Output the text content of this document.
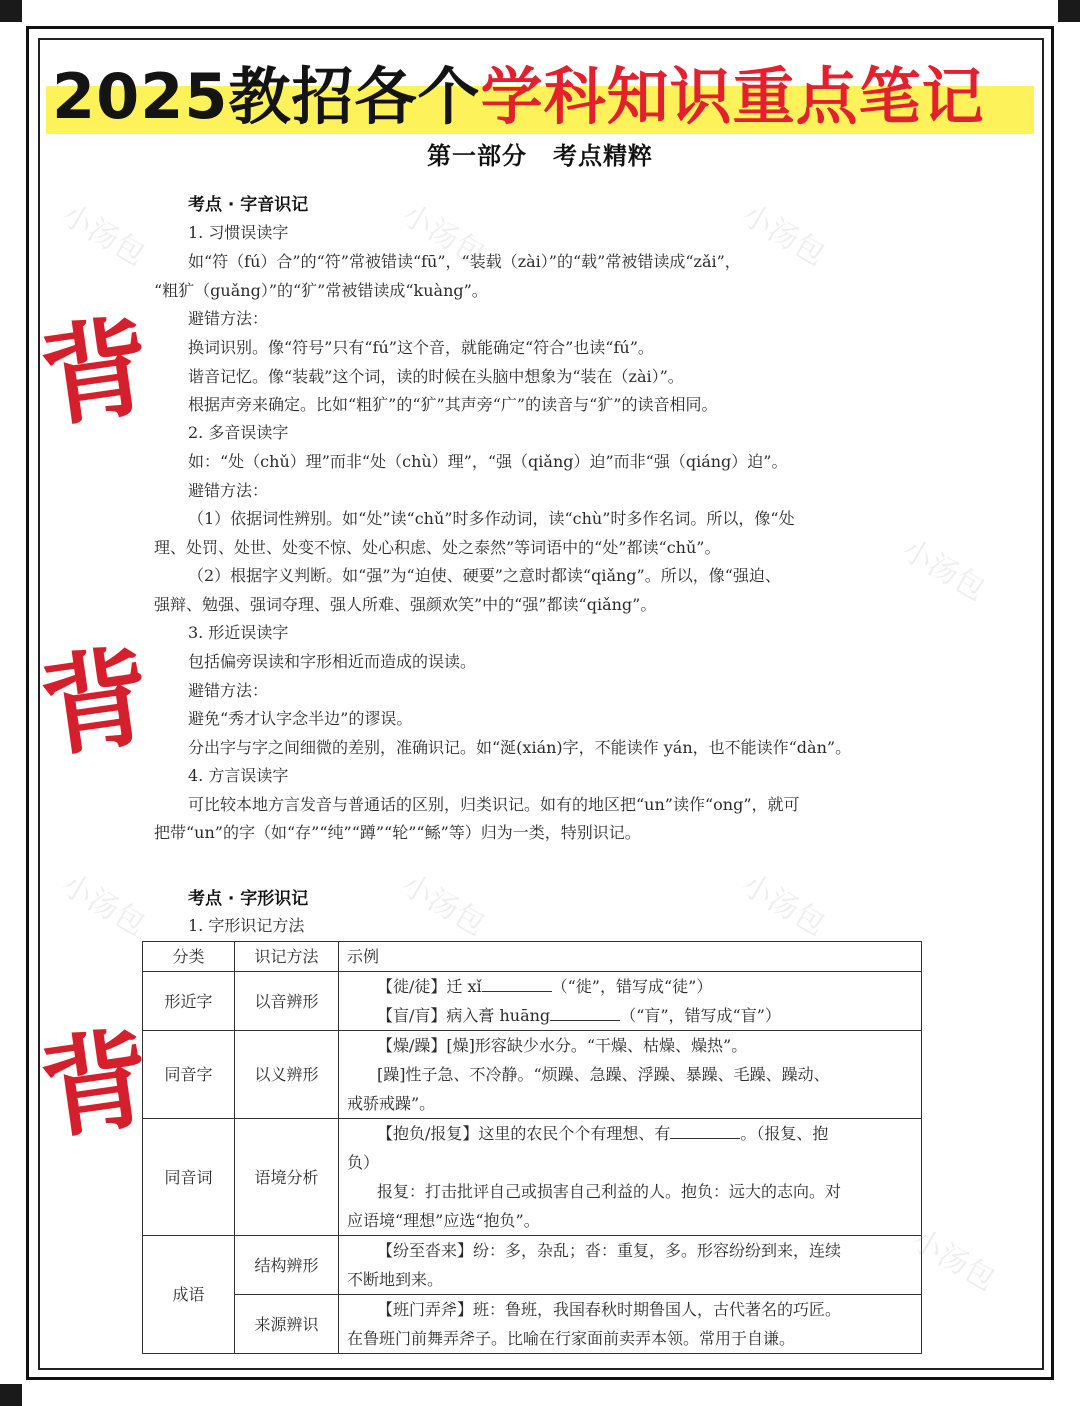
2025教招各个学科知识重点笔记
第一部分 考点精粹
小汤包	小汤包	小汤包
小汤包
小汤包	小汤包	小汤包
小汤包
考点 · 字音识记
1. 习惯误读字
如“符（fú）合”的“符”常被错读“fū”，“装载（zài）”的“载”常被错读成“zǎi”，
“粗犷（guǎng）”的“犷”常被错读成“kuàng”。
避错方法：
换词识别。像“符号”只有“fú”这个音，就能确定“符合”也读“fú”。
谐音记忆。像“装载”这个词，读的时候在头脑中想象为“装在（zài）”。
根据声旁来确定。比如“粗犷”的“犷”其声旁“广”的读音与“犷”的读音相同。
2. 多音误读字
如：“处（chǔ）理”而非“处（chù）理”，“强（qiǎng）迫”而非“强（qiáng）迫”。
避错方法：
（1）依据词性辨别。如“处”读“chǔ”时多作动词，读“chù”时多作名词。所以，像“处
理、处罚、处世、处变不惊、处心积虑、处之泰然”等词语中的“处”都读“chǔ”。
（2）根据字义判断。如“强”为“迫使、硬要”之意时都读“qiǎng”。所以，像“强迫、
强辩、勉强、强词夺理、强人所难、强颜欢笑”中的“强”都读“qiǎng”。
3. 形近误读字
包括偏旁误读和字形相近而造成的误读。
避错方法：
避免“秀才认字念半边”的谬误。
分出字与字之间细微的差别，准确识记。如“涎(xián)字，不能读作 yán，也不能读作“dàn”。
4. 方言误读字
可比较本地方言发音与普通话的区别，归类识记。如有的地区把“un”读作“ong”，就可
把带“un”的字（如“存”“纯”“蹲”“轮”“鲧”等）归为一类，特别识记。
考点 · 字形识记
1. 字形识记方法
分类	识记方法	示例
形近字	以音辨形	【徙/徒】迁 xǐ （“徙”，错写成“徒”）
【盲/肓】病入膏 huāng （“肓”，错写成“盲”）

同音字	以义辨形	【燥/躁】[燥]形容缺少水分。“干燥、枯燥、燥热”。
[躁]性子急、不冷静。“烦躁、急躁、浮躁、暴躁、毛躁、躁动、
戒骄戒躁”。

同音词	语境分析	【抱负/报复】这里的农民个个有理想、有 。（报复、抱
负）
报复：打击批评自己或损害自己利益的人。抱负：远大的志向。对
应语境“理想”应选“抱负”。

成语	结构辨形	【纷至沓来】纷：多，杂乱；沓：重复，多。形容纷纷到来，连续
不断地到来。

	来源辨识	【班门弄斧】班：鲁班，我国春秋时期鲁国人，古代著名的巧匠。
在鲁班门前舞弄斧子。比喻在行家面前卖弄本领。常用于自谦。
背
背
背
